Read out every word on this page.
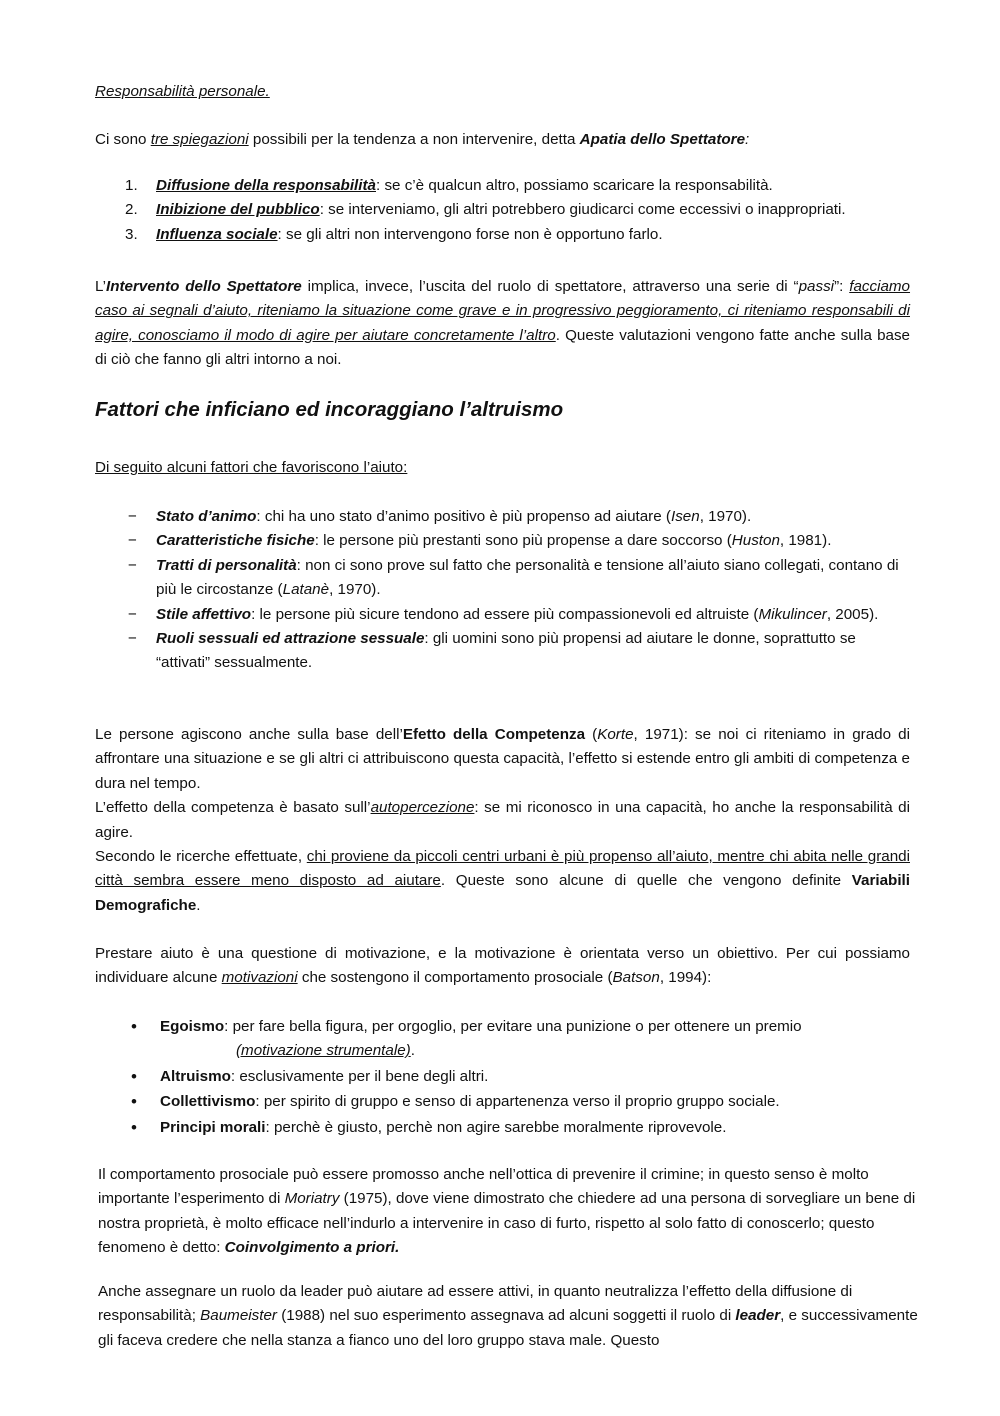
Responsabilità personale.

Ci sono tre spiegazioni possibili per la tendenza a non intervenire, detta Apatia dello Spettatore:

1. Diffusione della responsabilità: se c’è qualcun altro, possiamo scaricare la responsabilità.
2. Inibizione del pubblico: se interveniamo, gli altri potrebbero giudicarci come eccessivi o inappropriati.
3. Influenza sociale: se gli altri non intervengono forse non è opportuno farlo.

L’Intervento dello Spettatore implica, invece, l’uscita del ruolo di spettatore, attraverso una serie di “passi”: facciamo caso ai segnali d’aiuto, riteniamo la situazione come grave e in progressivo peggioramento, ci riteniamo responsabili di agire, conosciamo il modo di agire per aiutare concretamente l’altro. Queste valutazioni vengono fatte anche sulla base di ciò che fanno gli altri intorno a noi.

Fattori che inficiano ed incoraggiano l’altruismo

Di seguito alcuni fattori che favoriscono l’aiuto:

− Stato d’animo: chi ha uno stato d’animo positivo è più propenso ad aiutare (Isen, 1970).
− Caratteristiche fisiche: le persone più prestanti sono più propense a dare soccorso (Huston, 1981).
− Tratti di personalità: non ci sono prove sul fatto che personalità e tensione all’aiuto siano collegati, contano di più le circostanze (Latanè, 1970).
− Stile affettivo: le persone più sicure tendono ad essere più compassionevoli ed altruiste (Mikulincer, 2005).
− Ruoli sessuali ed attrazione sessuale: gli uomini sono più propensi ad aiutare le donne, soprattutto se “attivati” sessualmente.

Le persone agiscono anche sulla base dell’Efetto della Competenza (Korte, 1971): se noi ci riteniamo in grado di affrontare una situazione e se gli altri ci attribuiscono questa capacità, l’effetto si estende entro gli ambiti di competenza e dura nel tempo.
L’effetto della competenza è basato sull’autopercezione: se mi riconosco in una capacità, ho anche la responsabilità di agire.
Secondo le ricerche effettuate, chi proviene da piccoli centri urbani è più propenso all’aiuto, mentre chi abita nelle grandi città sembra essere meno disposto ad aiutare. Queste sono alcune di quelle che vengono definite Variabili Demografiche.

Prestare aiuto è una questione di motivazione, e la motivazione è orientata verso un obiettivo. Per cui possiamo individuare alcune motivazioni che sostengono il comportamento prosociale (Batson, 1994):

• Egoismo: per fare bella figura, per orgoglio, per evitare una punizione o per ottenere un premio
(motivazione strumentale).
• Altruismo: esclusivamente per il bene degli altri.
• Collettivismo: per spirito di gruppo e senso di appartenenza verso il proprio gruppo sociale.
• Principi morali: perchè è giusto, perchè non agire sarebbe moralmente riprovevole.

Il comportamento prosociale può essere promosso anche nell’ottica di prevenire il crimine; in questo senso è molto importante l’esperimento di Moriatry (1975), dove viene dimostrato che chiedere ad una persona di sorvegliare un bene di nostra proprietà, è molto efficace nell’indurlo a intervenire in caso di furto, rispetto al solo fatto di conoscerlo; questo fenomeno è detto: Coinvolgimento a priori.

Anche assegnare un ruolo da leader può aiutare ad essere attivi, in quanto neutralizza l’effetto della diffusione di responsabilità; Baumeister (1988) nel suo esperimento assegnava ad alcuni soggetti il ruolo di leader, e successivamente gli faceva credere che nella stanza a fianco uno del loro gruppo stava male. Questo
